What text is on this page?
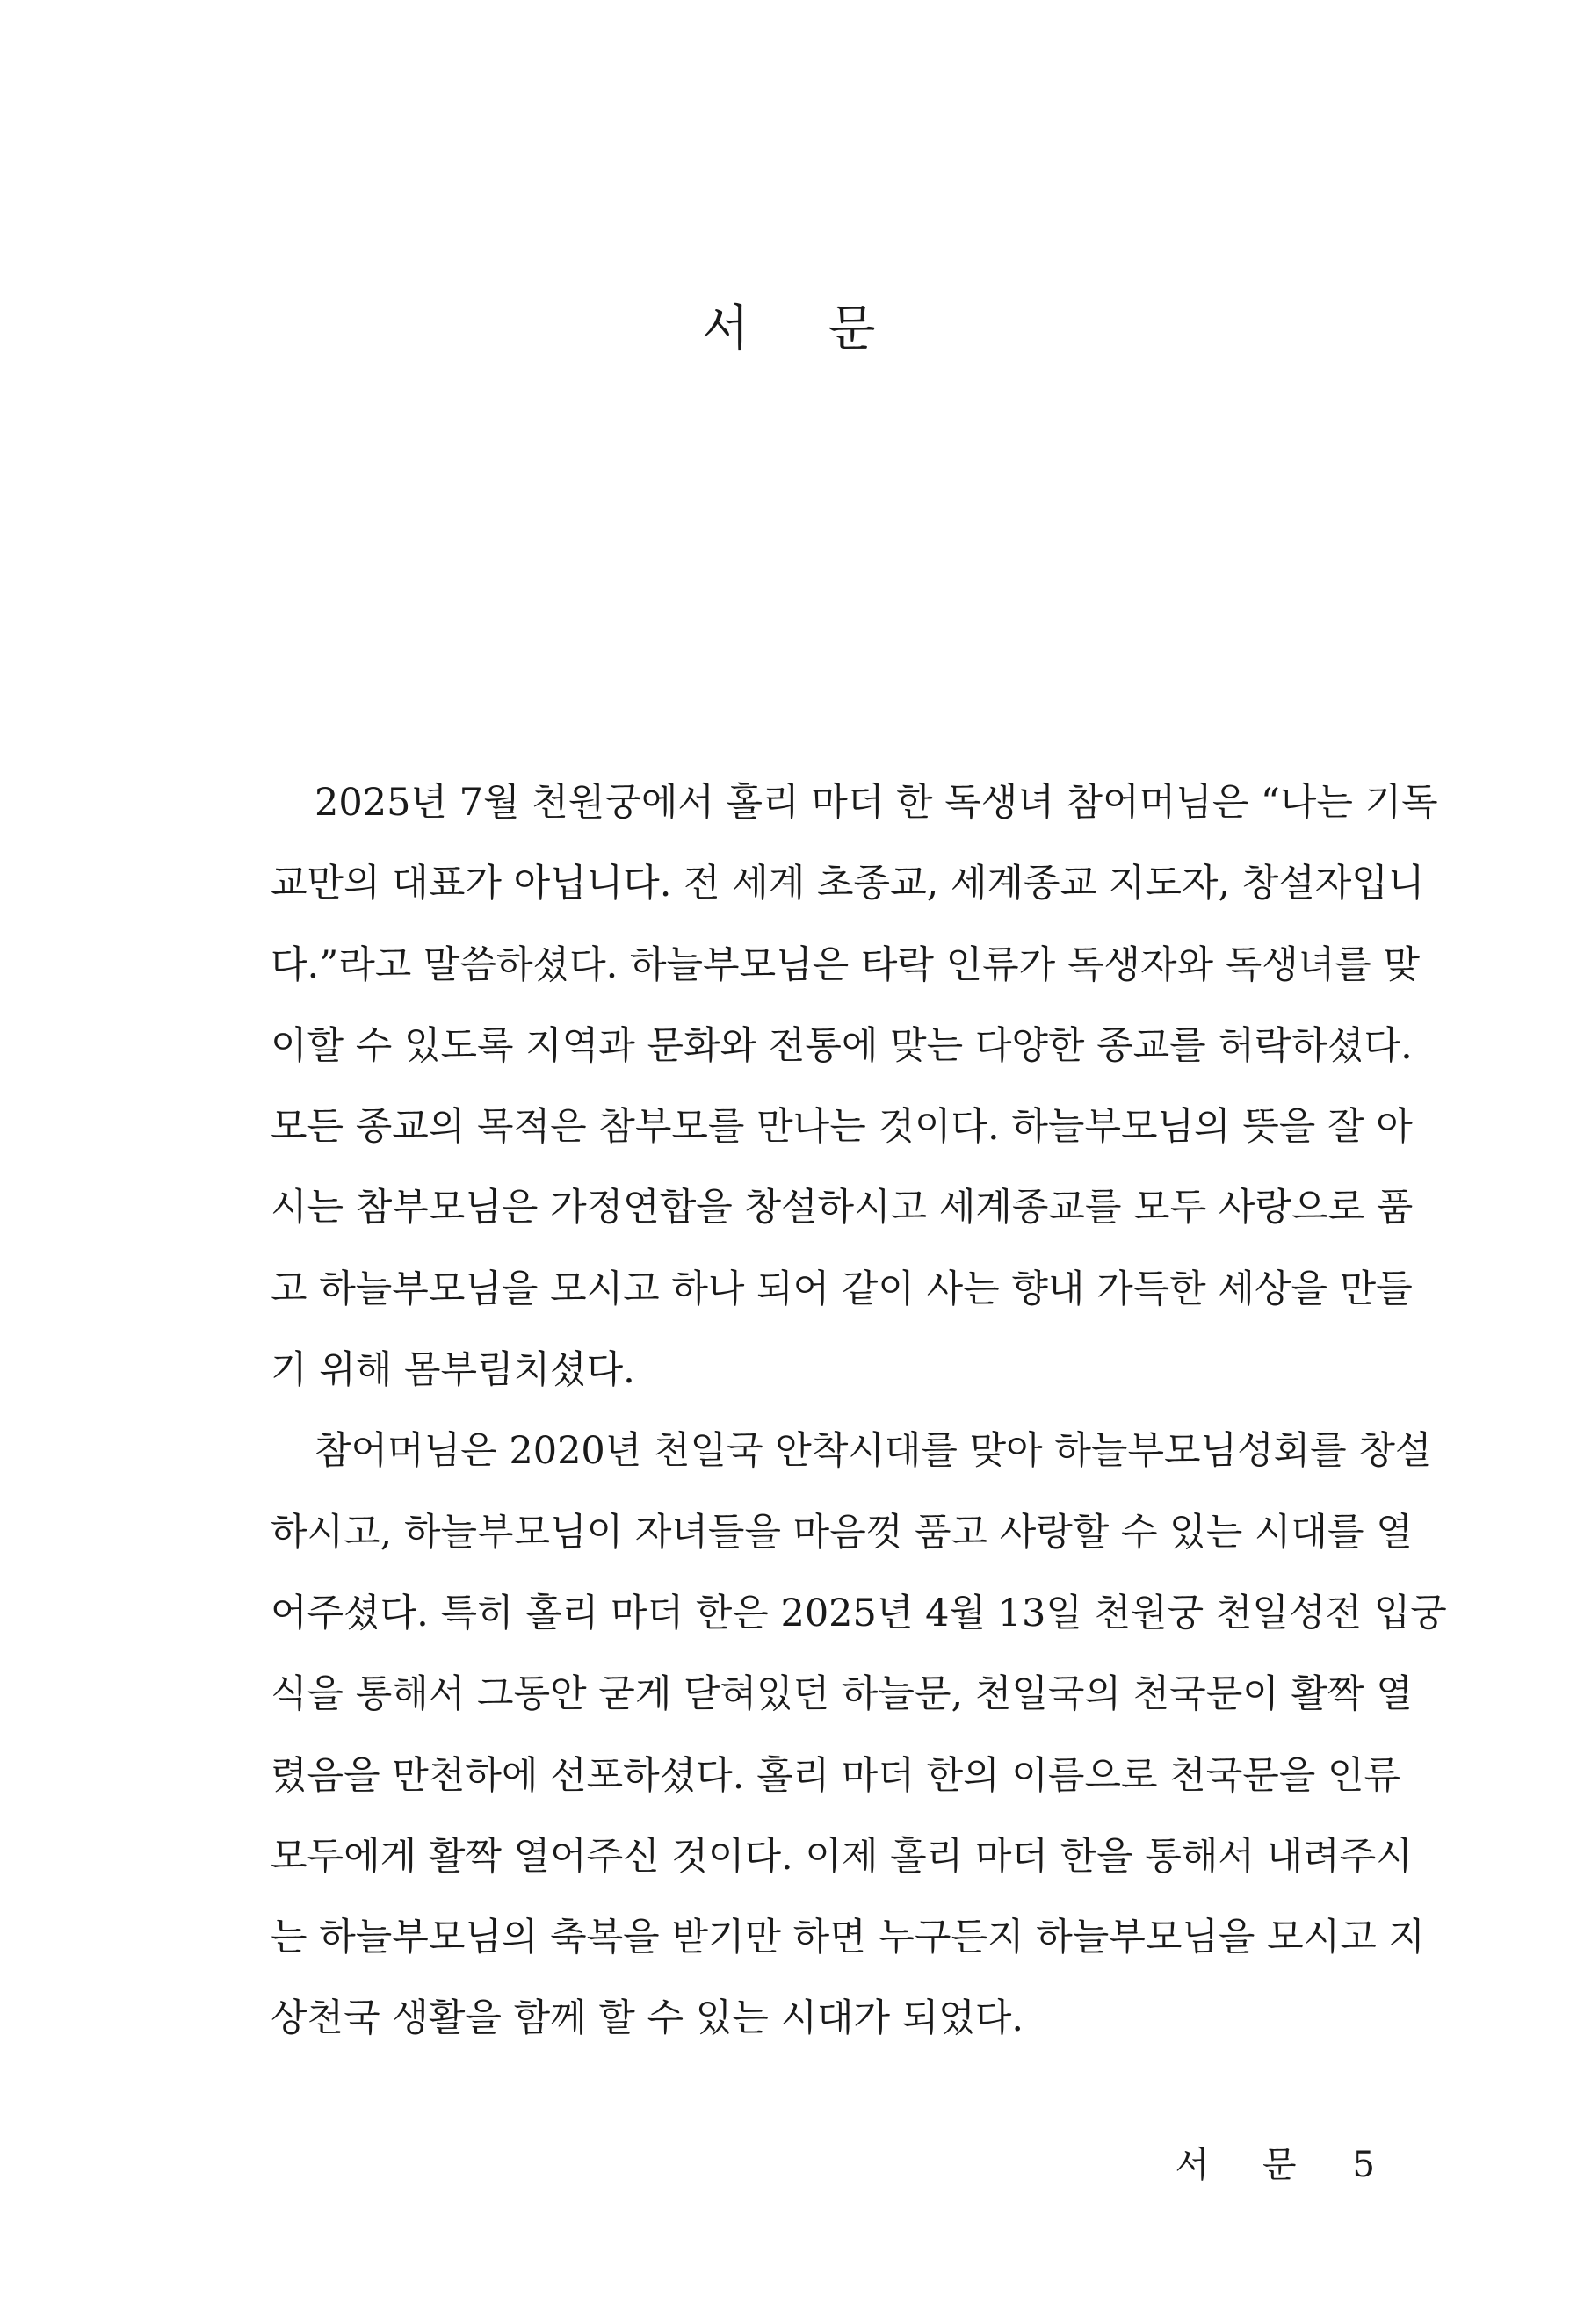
서 문
2025년 7월 천원궁에서 홀리 마더 한 독생녀 참어머님은 “나는 기독
교만의 대표가 아닙니다. 전 세계 초종교, 세계종교 지도자, 창설자입니
다.”라고 말씀하셨다. 하늘부모님은 타락 인류가 독생자와 독생녀를 맞
이할 수 있도록 지역과 문화와 전통에 맞는 다양한 종교를 허락하셨다.
모든 종교의 목적은 참부모를 만나는 것이다. 하늘부모님의 뜻을 잘 아
시는 참부모님은 가정연합을 창설하시고 세계종교를 모두 사랑으로 품
고 하늘부모님을 모시고 하나 되어 같이 사는 향내 가득한 세상을 만들
기 위해 몸부림치셨다.
참어머님은 2020년 천일국 안착시대를 맞아 하늘부모님성회를 창설
하시고, 하늘부모님이 자녀들을 마음껏 품고 사랑할 수 있는 시대를 열
어주셨다. 특히 홀리 마더 한은 2025년 4월 13일 천원궁 천일성전 입궁
식을 통해서 그동안 굳게 닫혀있던 하늘문, 천일국의 천국문이 활짝 열
렸음을 만천하에 선포하셨다. 홀리 마더 한의 이름으로 천국문을 인류
모두에게 활짝 열어주신 것이다. 이제 홀리 마더 한을 통해서 내려주시
는 하늘부모님의 축복을 받기만 하면 누구든지 하늘부모님을 모시고 지
상천국 생활을 함께 할 수 있는 시대가 되었다.
서 문 5
